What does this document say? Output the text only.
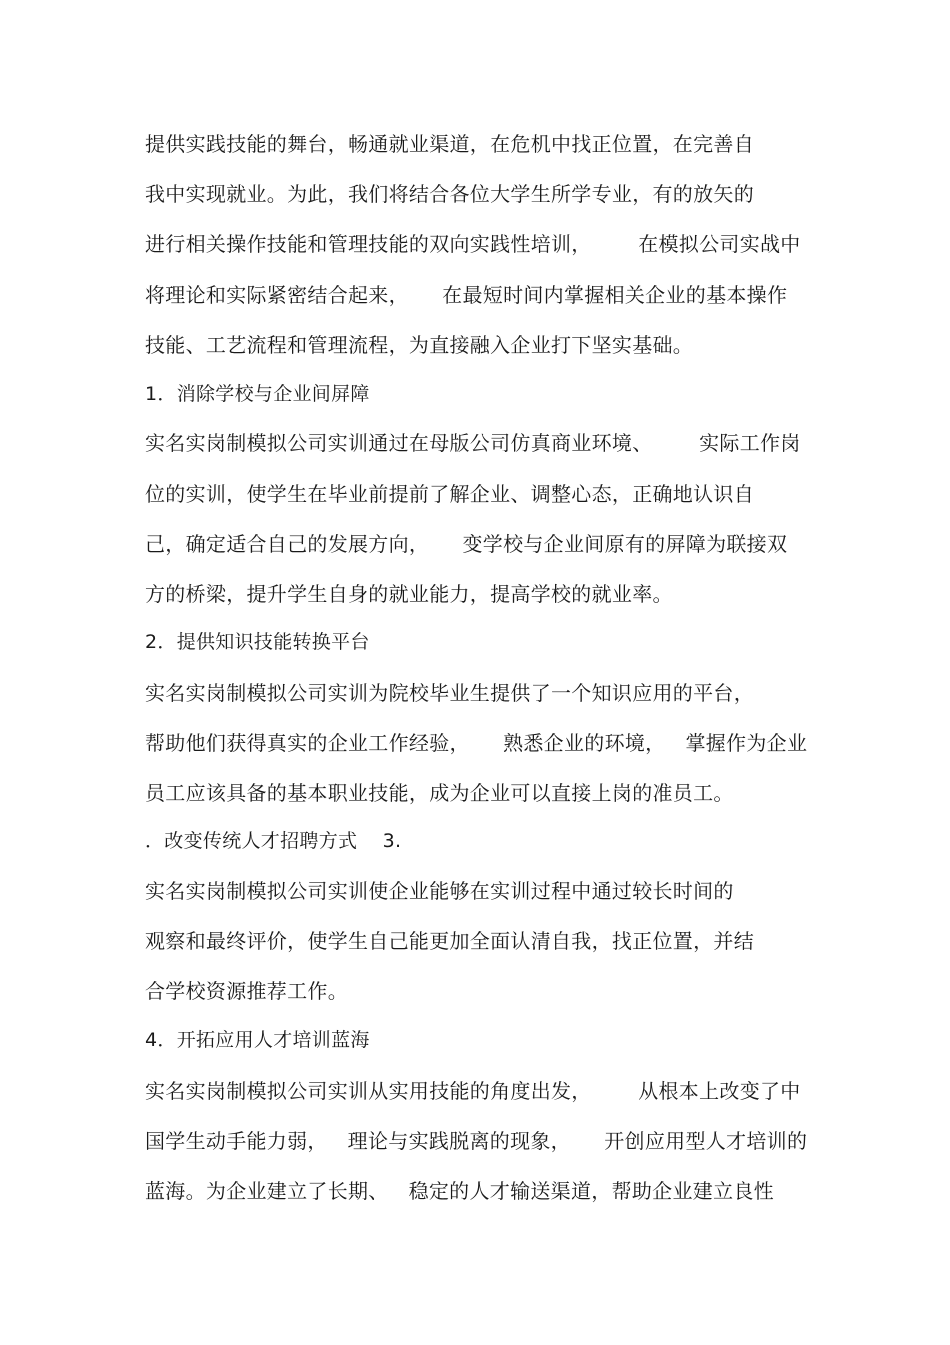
提供实践技能的舞台，畅通就业渠道，在危机中找正位置，在完善自
我中实现就业。为此，我们将结合各位大学生所学专业，有的放矢的
进行相关操作技能和管理技能的双向实践性培训，       在模拟公司实战中
将理论和实际紧密结合起来，     在最短时间内掌握相关企业的基本操作
技能、工艺流程和管理流程，为直接融入企业打下坚实基础。
1．消除学校与企业间屏障
实名实岗制模拟公司实训通过在母版公司仿真商业环境、       实际工作岗
位的实训，使学生在毕业前提前了解企业、调整心态，正确地认识自
己，确定适合自己的发展方向，     变学校与企业间原有的屏障为联接双
方的桥梁，提升学生自身的就业能力，提高学校的就业率。
2．提供知识技能转换平台
实名实岗制模拟公司实训为院校毕业生提供了一个知识应用的平台，
帮助他们获得真实的企业工作经验，     熟悉企业的环境，   掌握作为企业
员工应该具备的基本职业技能，成为企业可以直接上岗的准员工。
．改变传统人才招聘方式    3.
实名实岗制模拟公司实训使企业能够在实训过程中通过较长时间的
观察和最终评价，使学生自己能更加全面认清自我，找正位置，并结
合学校资源推荐工作。
4．开拓应用人才培训蓝海
实名实岗制模拟公司实训从实用技能的角度出发，       从根本上改变了中
国学生动手能力弱，   理论与实践脱离的现象，     开创应用型人才培训的
蓝海。为企业建立了长期、   稳定的人才输送渠道，帮助企业建立良性
